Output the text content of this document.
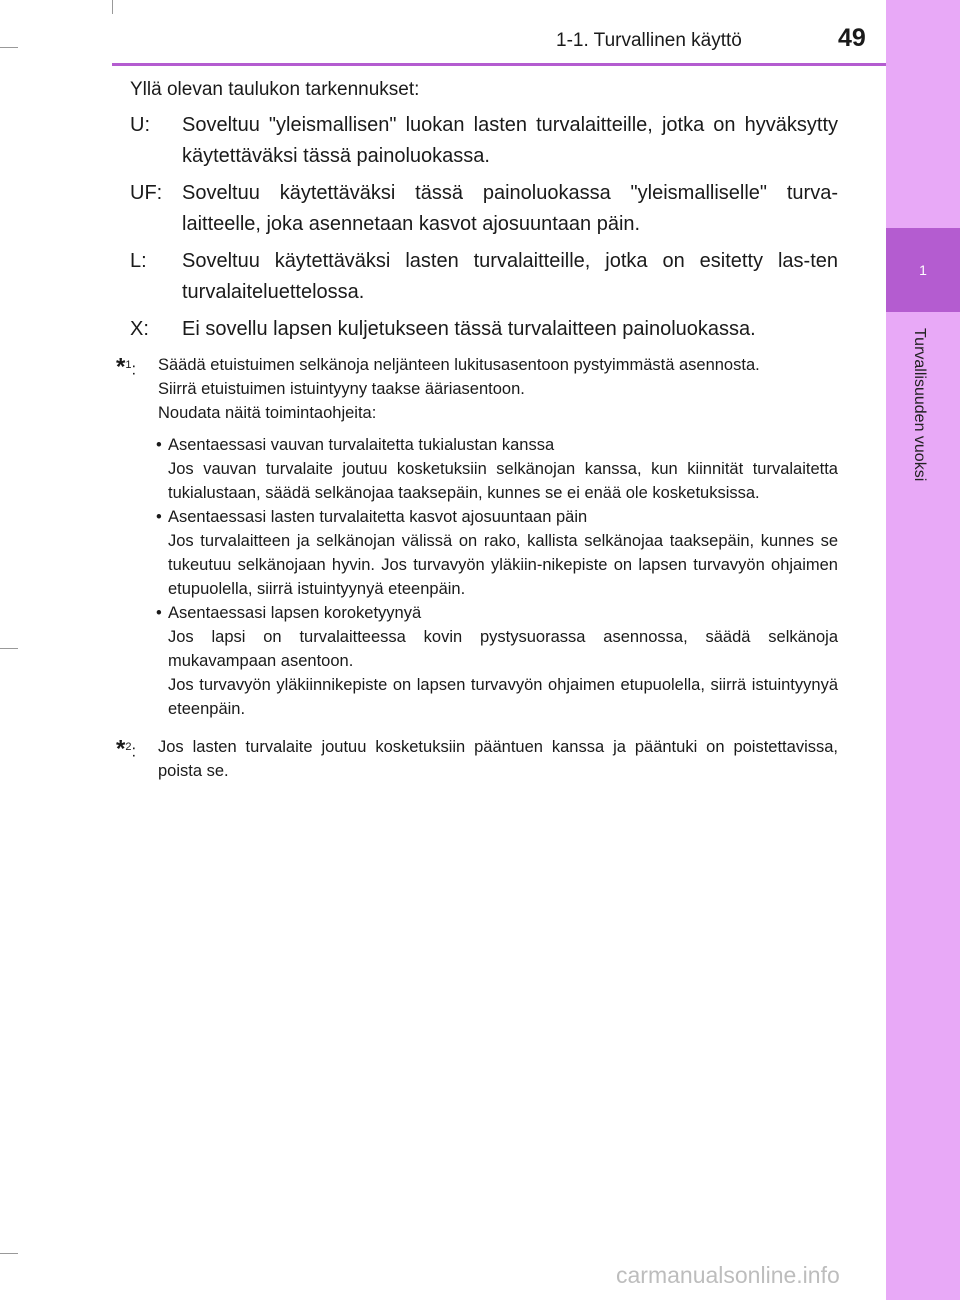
1
Turvallisuuden vuoksi
1-1. Turvallinen käyttö	49
Yllä olevan taulukon tarkennukset:
U:	Soveltuu "yleismallisen" luokan lasten turvalaitteille, jotka on hyväksytty käytettäväksi tässä painoluokassa.
UF: Soveltuu käytettäväksi tässä painoluokassa "yleismalliselle" turva-laitteelle, joka asennetaan kasvot ajosuuntaan päin.
L:	Soveltuu käytettäväksi lasten turvalaitteille, jotka on esitetty las-ten turvalaiteluettelossa.
X:	Ei sovellu lapsen kuljetukseen tässä turvalaitteen painoluokassa.
*$^1$:	Säädä etuistuimen selkänoja neljänteen lukitusasentoon pystyimmästä asennosta.

Siirrä etuistuimen istuintyyny taakse ääriasentoon.

Noudata näitä toimintaohjeita:

• Asentaessasi vauvan turvalaitetta tukialustan kanssa
Jos vauvan turvalaite joutuu kosketuksiin selkänojan kanssa, kun kiinnität turvalaitetta tukialustaan, säädä selkänojaa taaksepäin, kunnes se ei enää ole kosketuksissa.
• Asentaessasi lasten turvalaitetta kasvot ajosuuntaan päin
Jos turvalaitteen ja selkänojan välissä on rako, kallista selkänojaa taaksepäin, kunnes se tukeutuu selkänojaan hyvin. Jos turvavyön yläkiin-nikepiste on lapsen turvavyön ohjaimen etupuolella, siirrä istuintyynyä eteenpäin.
• Asentaessasi lapsen koroketyynyä
Jos lapsi on turvalaitteessa kovin pystysuorassa asennossa, säädä selkänoja mukavampaan asentoon.
Jos turvavyön yläkiinnikepiste on lapsen turvavyön ohjaimen etupuolella, siirrä istuintyynyä eteenpäin.
*$^2$:	Jos lasten turvalaite joutuu kosketuksiin pääntuen kanssa ja pääntuki on poistettavissa, poista se.

carmanualsonline.info
